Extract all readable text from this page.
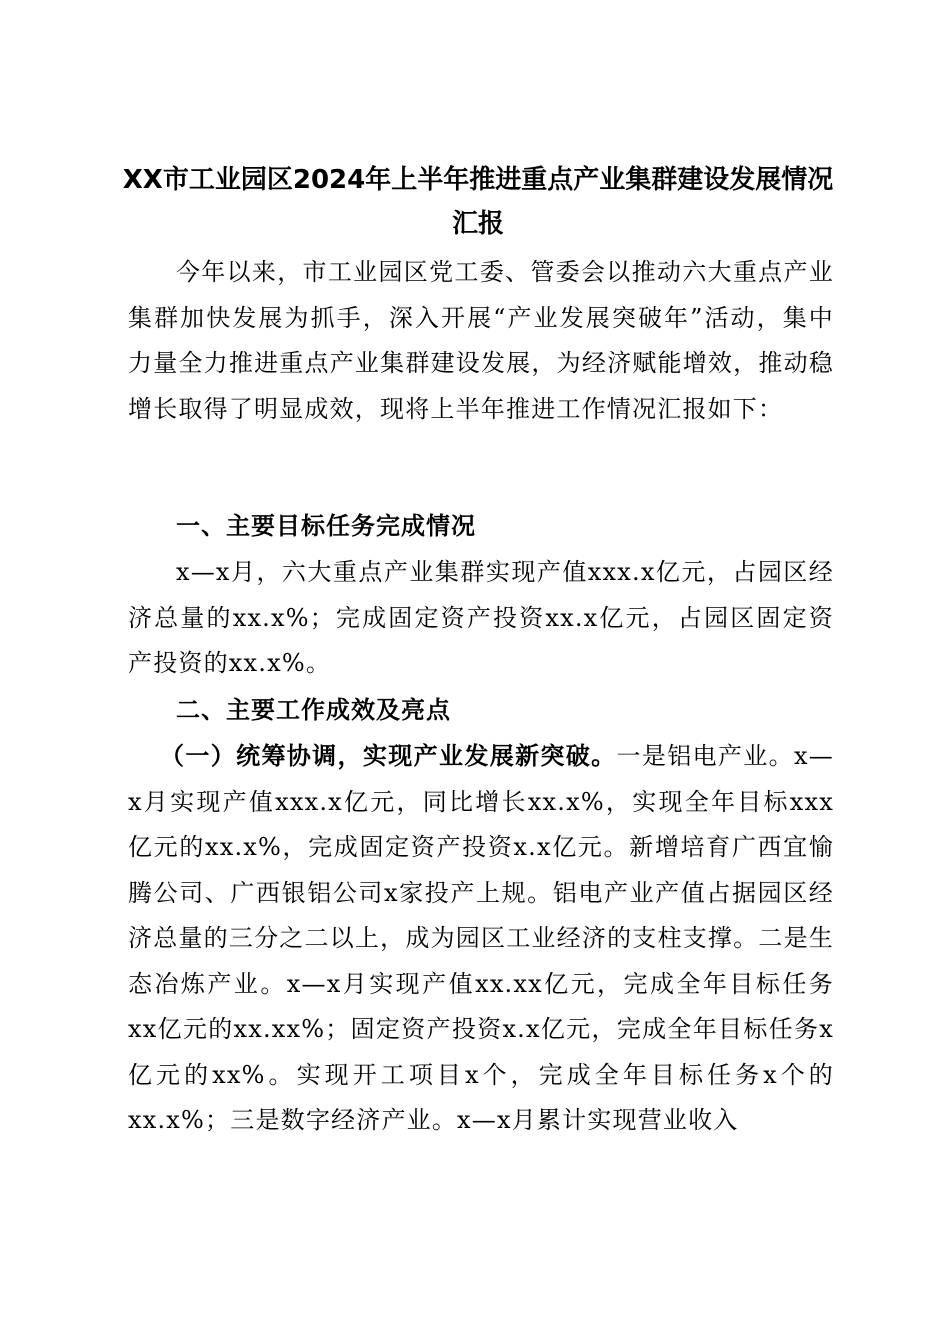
XX市工业园区2024年上半年推进重点产业集群建设发展情况汇报

今年以来，市工业园区党工委、管委会以推动六大重点产业集群加快发展为抓手，深入开展“产业发展突破年”活动，集中力量全力推进重点产业集群建设发展，为经济赋能增效，推动稳增长取得了明显成效，现将上半年推进工作情况汇报如下：

一、主要目标任务完成情况

x—x月，六大重点产业集群实现产值xxx.x亿元，占园区经济总量的xx.x%；完成固定资产投资xx.x亿元，占园区固定资产投资的xx.x%。

二、主要工作成效及亮点

（一）统筹协调，实现产业发展新突破。一是铝电产业。x—x月实现产值xxx.x亿元，同比增长xx.x%，实现全年目标xxx亿元的xx.x%，完成固定资产投资x.x亿元。新增培育广西宜愉腾公司、广西银铝公司x家投产上规。铝电产业产值占据园区经济总量的三分之二以上，成为园区工业经济的支柱支撑。二是生态冶炼产业。x—x月实现产值xx.xx亿元，完成全年目标任务xx亿元的xx.xx%；固定资产投资x.x亿元，完成全年目标任务x亿元的xx%。实现开工项目x个，完成全年目标任务x个的xx.x%；三是数字经济产业。x—x月累计实现营业收入
